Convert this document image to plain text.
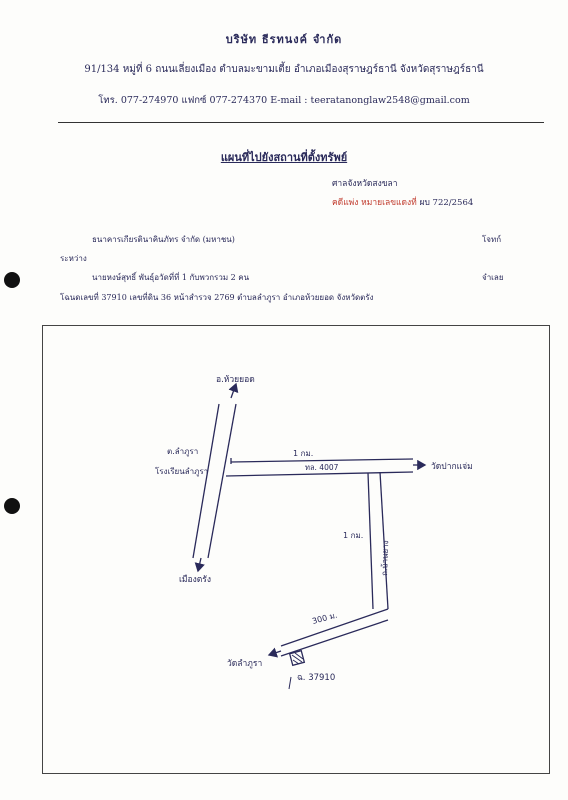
บริษัท ธีรทนงค์ จำกัด
91/134 หมู่ที่ 6 ถนนเลี่ยงเมือง ตำบลมะขามเตี้ย อำเภอเมืองสุราษฎร์ธานี จังหวัดสุราษฎร์ธานี
โทร. 077-274970 แฟกซ์ 077-274370 E-mail : teeratanonglaw2548@gmail.com
แผนที่ไปยังสถานที่ตั้งทรัพย์
ศาลจังหวัดสงขลา
คดีแพ่ง หมายเลขแดงที่ ผบ 722/2564
ธนาคารเกียรตินาคินภัทร จำกัด (มหาชน)	โจทก์
ระหว่าง
นายหงษ์สุทธิ์ พันธุ์อวัดที่ที่ 1 กับพวกรวม 2 คน	จำเลย
โฉนดเลขที่ 37910 เลขที่ดิน 36 หน้าสำรวจ 2769 ตำบลลำภูรา อำเภอห้วยยอด จังหวัดตรัง
อ.ห้วยยอด
เมืองตรัง
ต.ลำภูรา
โรงเรียนลำภูรา
1 กม.
ทล. 4007	วัดปากแจ่ม
1 กม.
ถ.บ้านยาง
300 ม.
วัดลำภูรา
ฉ. 37910
